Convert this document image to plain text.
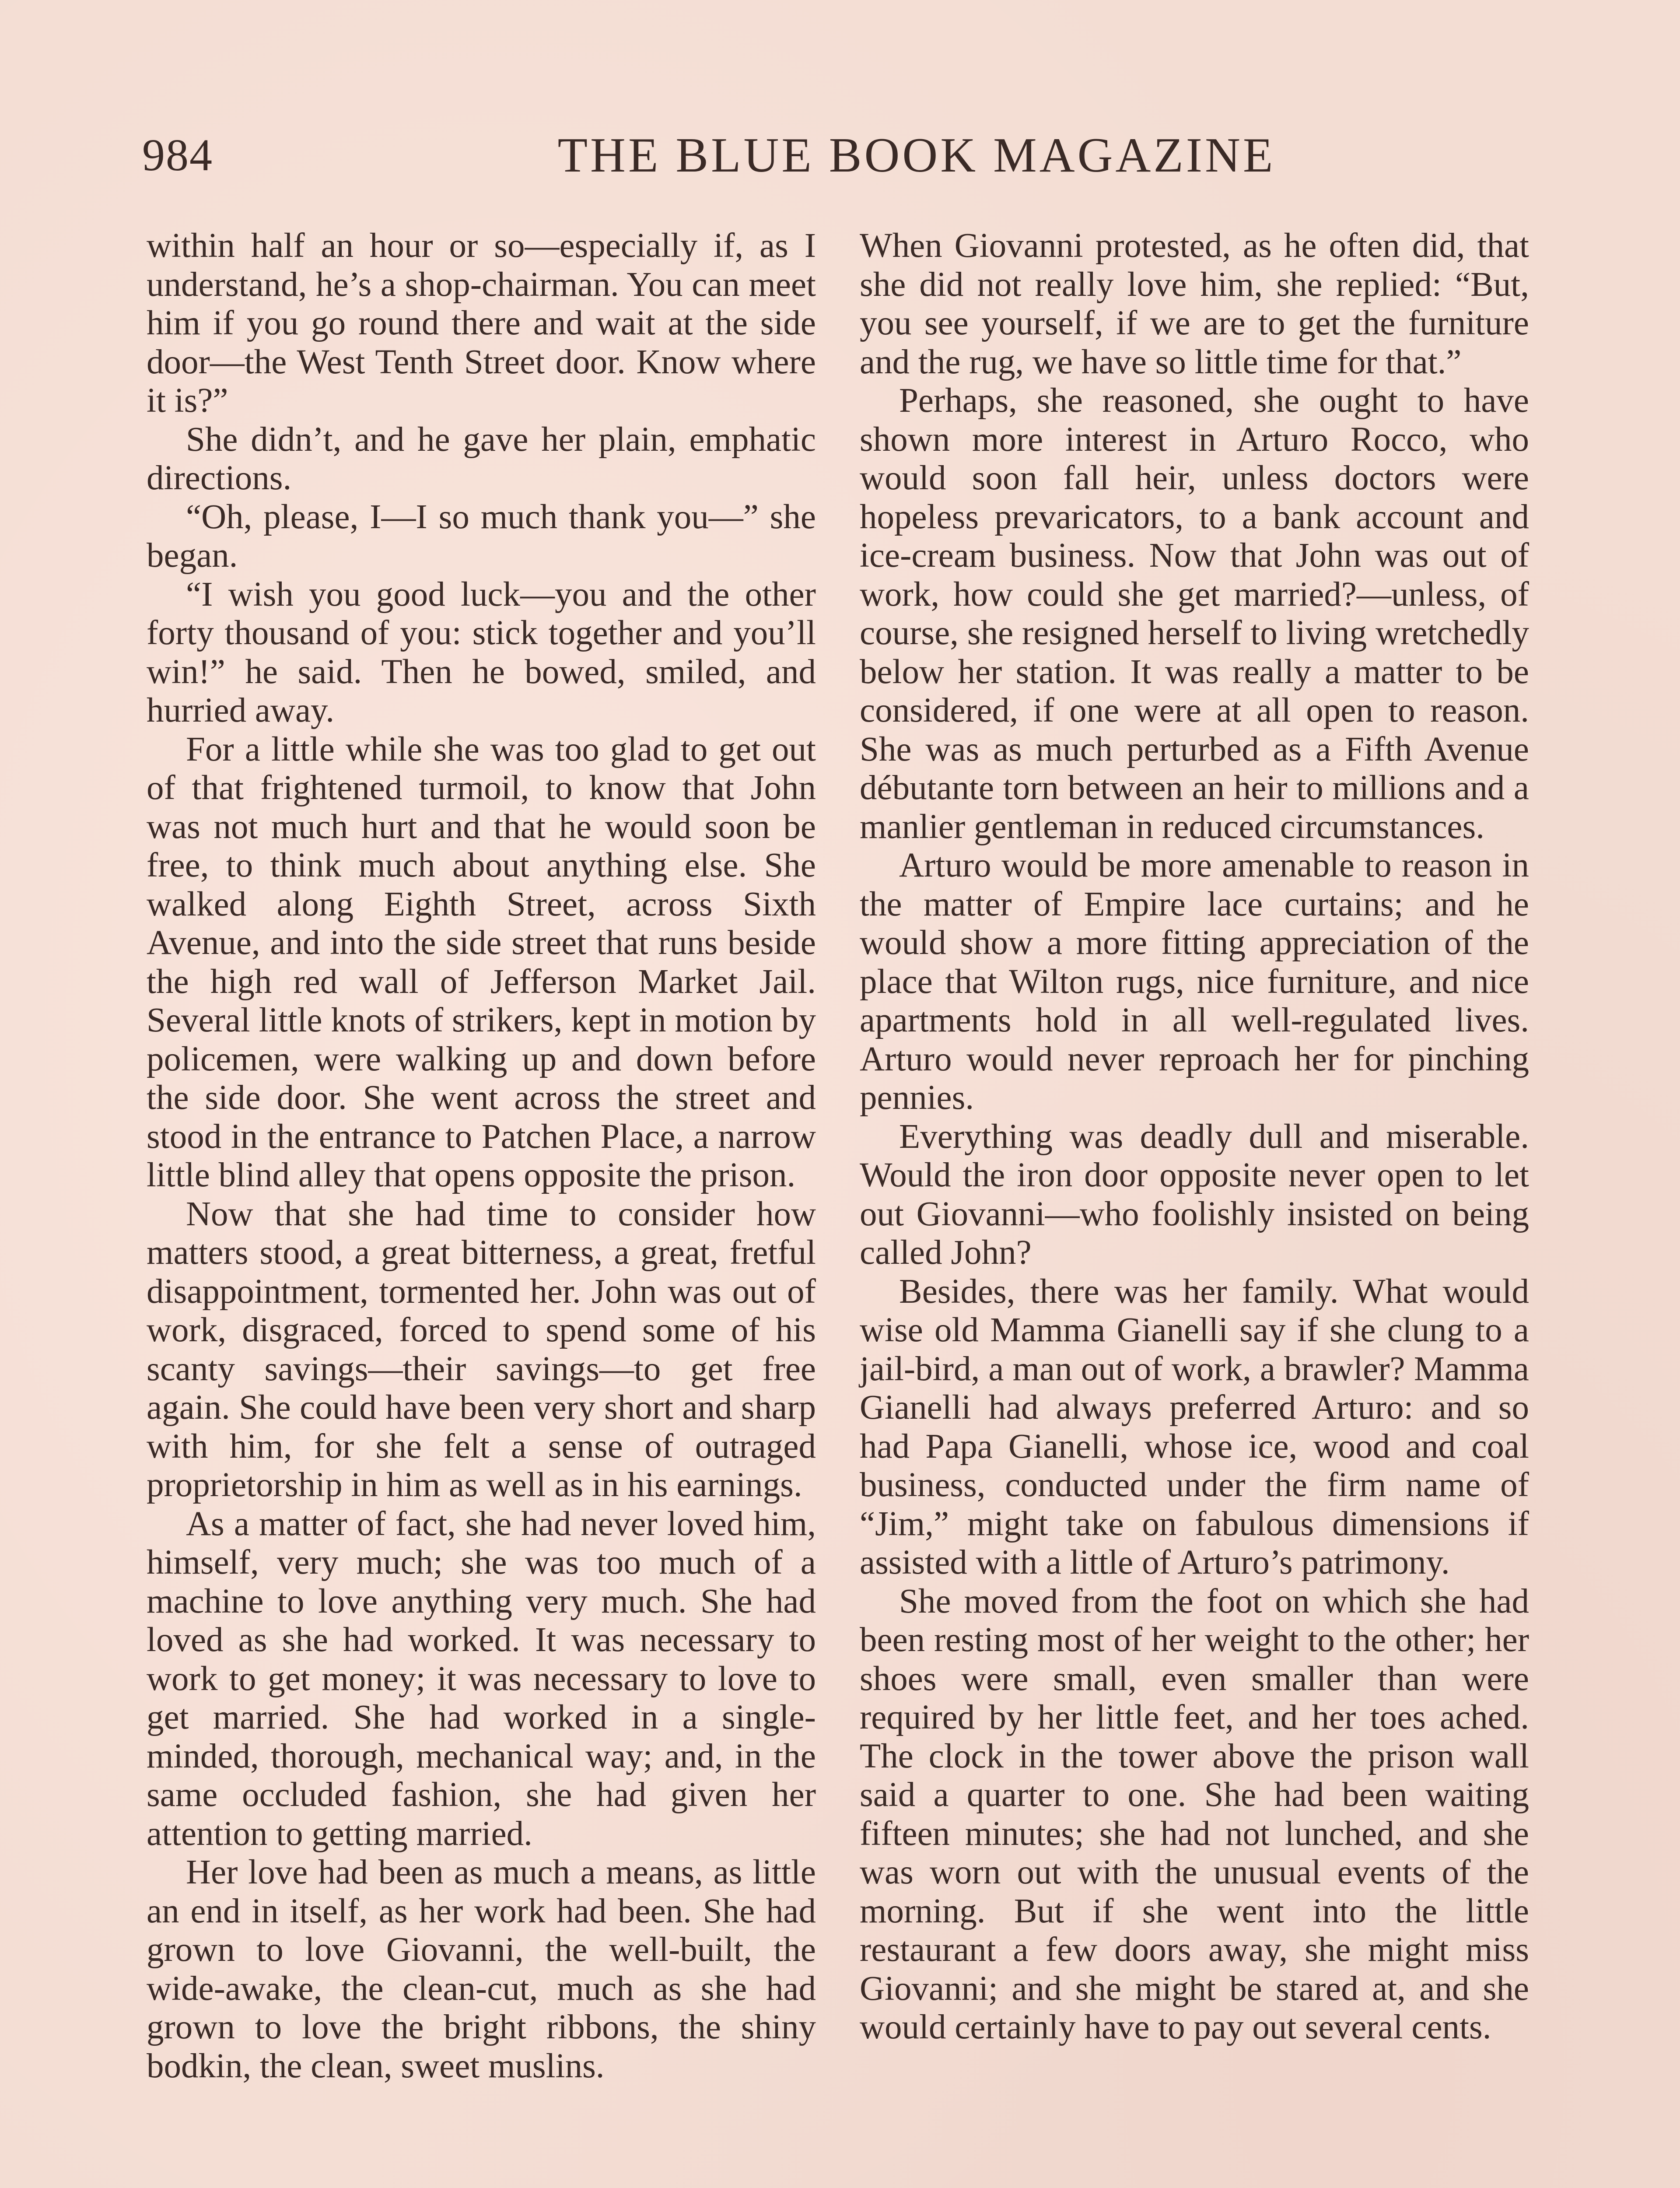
984	THE BLUE BOOK MAGAZINE

within half an hour or so—especially if, as I understand, he’s a shop-chairman. You can meet him if you go round there and wait at the side door—the West Tenth Street door. Know where it is?”

She didn’t, and he gave her plain, emphatic directions.

“Oh, please, I—I so much thank you—” she began.

“I wish you good luck—you and the other forty thousand of you: stick together and you’ll win!” he said. Then he bowed, smiled, and hurried away.

For a little while she was too glad to get out of that frightened turmoil, to know that John was not much hurt and that he would soon be free, to think much about anything else. She walked along Eighth Street, across Sixth Avenue, and into the side street that runs beside the high red wall of Jefferson Market Jail. Several little knots of strikers, kept in motion by policemen, were walking up and down before the side door. She went across the street and stood in the entrance to Patchen Place, a narrow little blind alley that opens opposite the prison.

Now that she had time to consider how matters stood, a great bitterness, a great, fretful disappointment, tormented her. John was out of work, disgraced, forced to spend some of his scanty savings—their savings—to get free again. She could have been very short and sharp with him, for she felt a sense of outraged proprietorship in him as well as in his earnings.

As a matter of fact, she had never loved him, himself, very much; she was too much of a machine to love anything very much. She had loved as she had worked. It was necessary to work to get money; it was necessary to love to get married. She had worked in a single-minded, thorough, mechanical way; and, in the same occluded fashion, she had given her attention to getting married.

Her love had been as much a means, as little an end in itself, as her work had been. She had grown to love Giovanni, the well-built, the wide-awake, the clean-cut, much as she had grown to love the bright ribbons, the shiny bodkin, the clean, sweet muslins.

When Giovanni protested, as he often did, that she did not really love him, she replied: “But, you see yourself, if we are to get the furniture and the rug, we have so little time for that.”

Perhaps, she reasoned, she ought to have shown more interest in Arturo Rocco, who would soon fall heir, unless doctors were hopeless prevaricators, to a bank account and ice-cream business. Now that John was out of work, how could she get married?—unless, of course, she resigned herself to living wretchedly below her station. It was really a matter to be considered, if one were at all open to reason. She was as much perturbed as a Fifth Avenue débutante torn between an heir to millions and a manlier gentleman in reduced circumstances.

Arturo would be more amenable to reason in the matter of Empire lace curtains; and he would show a more fitting appreciation of the place that Wilton rugs, nice furniture, and nice apartments hold in all well-regulated lives. Arturo would never reproach her for pinching pennies.

Everything was deadly dull and miserable. Would the iron door opposite never open to let out Giovanni—who foolishly insisted on being called John?

Besides, there was her family. What would wise old Mamma Gianelli say if she clung to a jail-bird, a man out of work, a brawler? Mamma Gianelli had always preferred Arturo: and so had Papa Gianelli, whose ice, wood and coal business, conducted under the firm name of “Jim,” might take on fabulous dimensions if assisted with a little of Arturo’s patrimony.

She moved from the foot on which she had been resting most of her weight to the other; her shoes were small, even smaller than were required by her little feet, and her toes ached. The clock in the tower above the prison wall said a quarter to one. She had been waiting fifteen minutes; she had not lunched, and she was worn out with the unusual events of the morning. But if she went into the little restaurant a few doors away, she might miss Giovanni; and she might be stared at, and she would certainly have to pay out several cents.
